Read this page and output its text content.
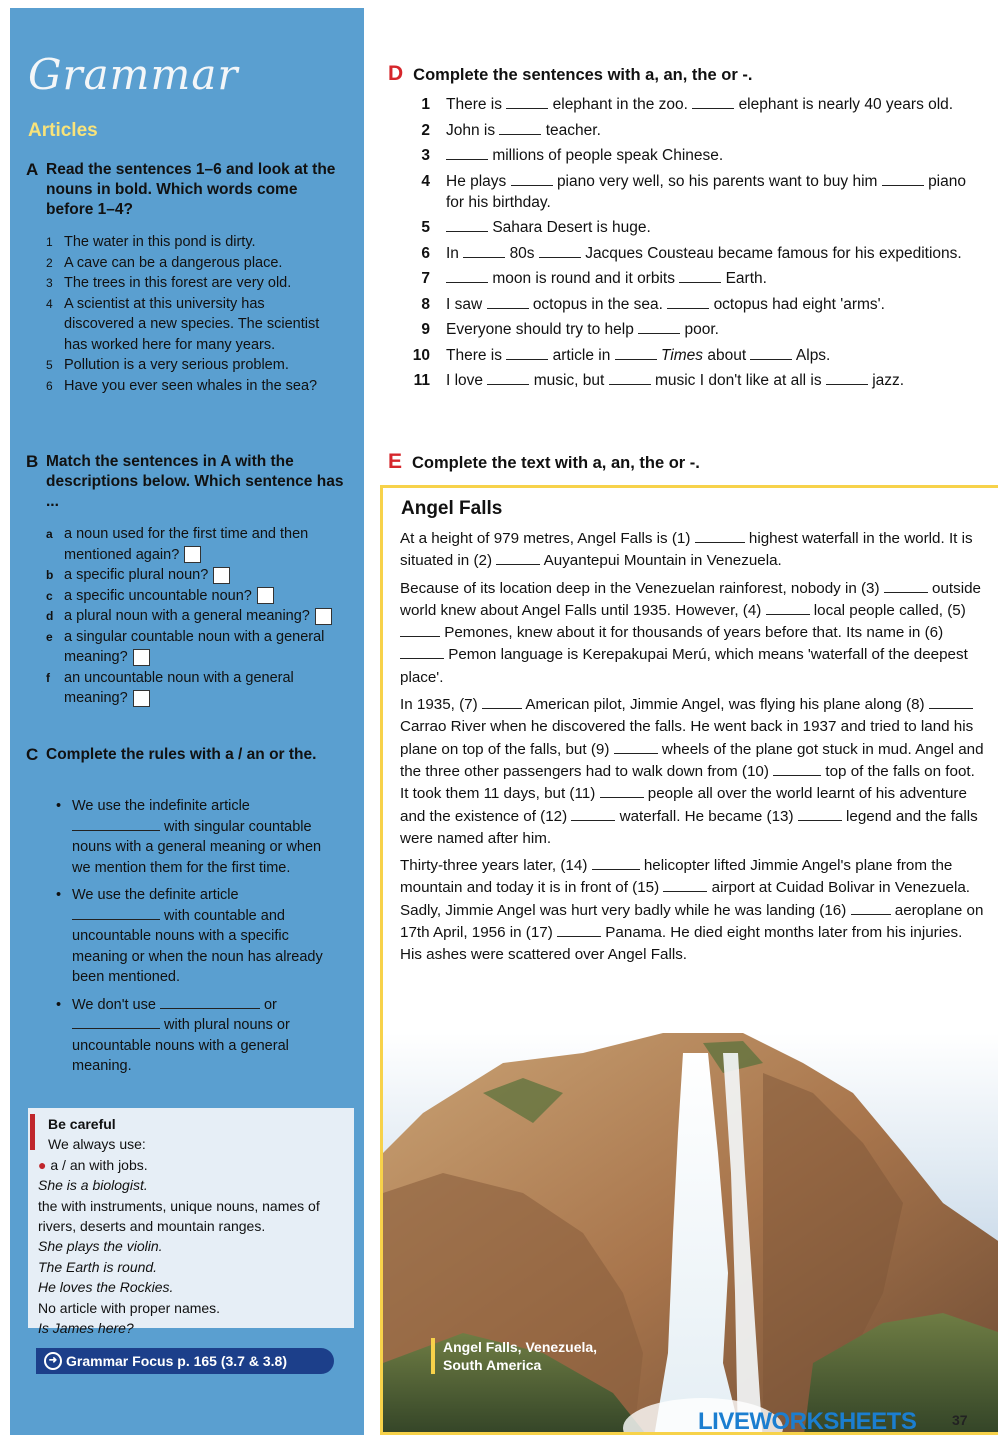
Grammar
Articles
A Read the sentences 1–6 and look at the nouns in bold. Which words come before 1–4?
1 The water in this pond is dirty.
2 A cave can be a dangerous place.
3 The trees in this forest are very old.
4 A scientist at this university has discovered a new species. The scientist has worked here for many years.
5 Pollution is a very serious problem.
6 Have you ever seen whales in the sea?
B Match the sentences in A with the descriptions below. Which sentence has ...
a a noun used for the first time and then mentioned again?
b a specific plural noun?
c a specific uncountable noun?
d a plural noun with a general meaning?
e a singular countable noun with a general meaning?
f an uncountable noun with a general meaning?
C Complete the rules with a / an or the.
• We use the indefinite article
with singular countable nouns with a general meaning or when we mention them for the first time.
• We use the definite article
with countable and uncountable nouns with a specific meaning or when the noun has already been mentioned.
• We don't use	or
with plural nouns or uncountable nouns with a general meaning.
Be careful
We always use:
● a / an with jobs.
She is a biologist.
the with instruments, unique nouns, names of rivers, deserts and mountain ranges.
She plays the violin.
The Earth is round.
He loves the Rockies.
No article with proper names.
Is James here?
➜ Grammar Focus p. 165 (3.7 & 3.8)
D Complete the sentences with a, an, the or -.
1 There is	elephant in the zoo.	elephant is nearly 40 years old.
2 John is	teacher.
3	millions of people speak Chinese.
4 He plays	piano very well, so his parents want to buy him	piano for his birthday.
5	Sahara Desert is huge.
6 In	80s	Jacques Cousteau became famous for his expeditions.
7	moon is round and it orbits	Earth.
8 I saw	octopus in the sea.	octopus had eight 'arms'.
9 Everyone should try to help	poor.
10 There is	article in	Times about	Alps.
11 I love	music, but	music I don't like at all is	jazz.
E Complete the text with a, an, the or -.
Angel Falls

At a height of 979 metres, Angel Falls is (1)	highest waterfall in the world. It is situated in (2)	Auyantepui Mountain in Venezuela.

Because of its location deep in the Venezuelan rainforest, nobody in (3)	outside world knew about Angel Falls until 1935. However, (4)	local people called, (5)  Pemones, knew about it for thousands of years before that. Its name in (6)  Pemon language is Kerepakupai Merú, which means 'waterfall of the deepest place'.

In 1935, (7)	American pilot, Jimmie Angel, was flying his plane along (8)  Carrao River when he discovered the falls. He went back in 1937 and tried to land his plane on top of the falls, but (9)	wheels of the plane got stuck in mud. Angel and the three other passengers had to walk down from (10)	top of the falls on foot. It took them 11 days, but (11)	people all over the world learnt of his adventure and the existence of (12)	waterfall. He became (13)	legend and the falls were named after him.

Thirty-three years later, (14)	helicopter lifted Jimmie Angel's plane from the mountain and today it is in front of (15)	airport at Cuidad Bolivar in Venezuela. Sadly, Jimmie Angel was hurt very badly while he was landing (16)	aeroplane on 17th April, 1956 in (17)	Panama. He died eight months later from his injuries. His ashes were scattered over Angel Falls.

Angel Falls, Venezuela,
South America
LIVEWORKSHEETS	37
